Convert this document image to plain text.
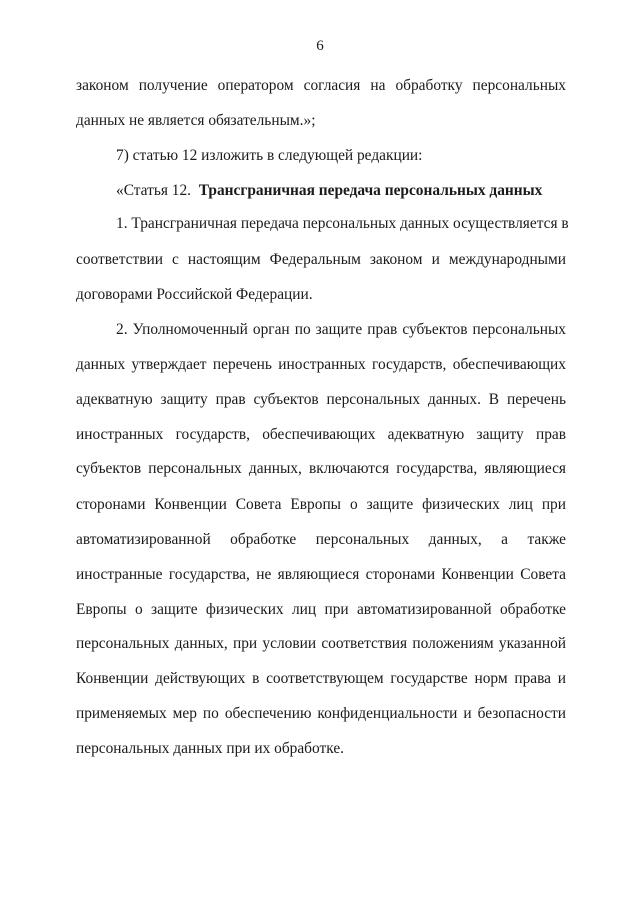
6
законом получение оператором согласия на обработку персональных
данных не является обязательным.»;
7) статью 12 изложить в следующей редакции:
«Статья 12. Трансграничная передача персональных данных
1. Трансграничная передача персональных данных осуществляется в
соответствии с настоящим Федеральным законом и международными
договорами Российской Федерации.
2. Уполномоченный орган по защите прав субъектов персональных
данных утверждает перечень иностранных государств, обеспечивающих
адекватную защиту прав субъектов персональных данных. В перечень
иностранных государств, обеспечивающих адекватную защиту прав
субъектов персональных данных, включаются государства, являющиеся
сторонами Конвенции Совета Европы о защите физических лиц при
автоматизированной обработке персональных данных, а также
иностранные государства, не являющиеся сторонами Конвенции Совета
Европы о защите физических лиц при автоматизированной обработке
персональных данных, при условии соответствия положениям указанной
Конвенции действующих в соответствующем государстве норм права и
применяемых мер по обеспечению конфиденциальности и безопасности
персональных данных при их обработке.
